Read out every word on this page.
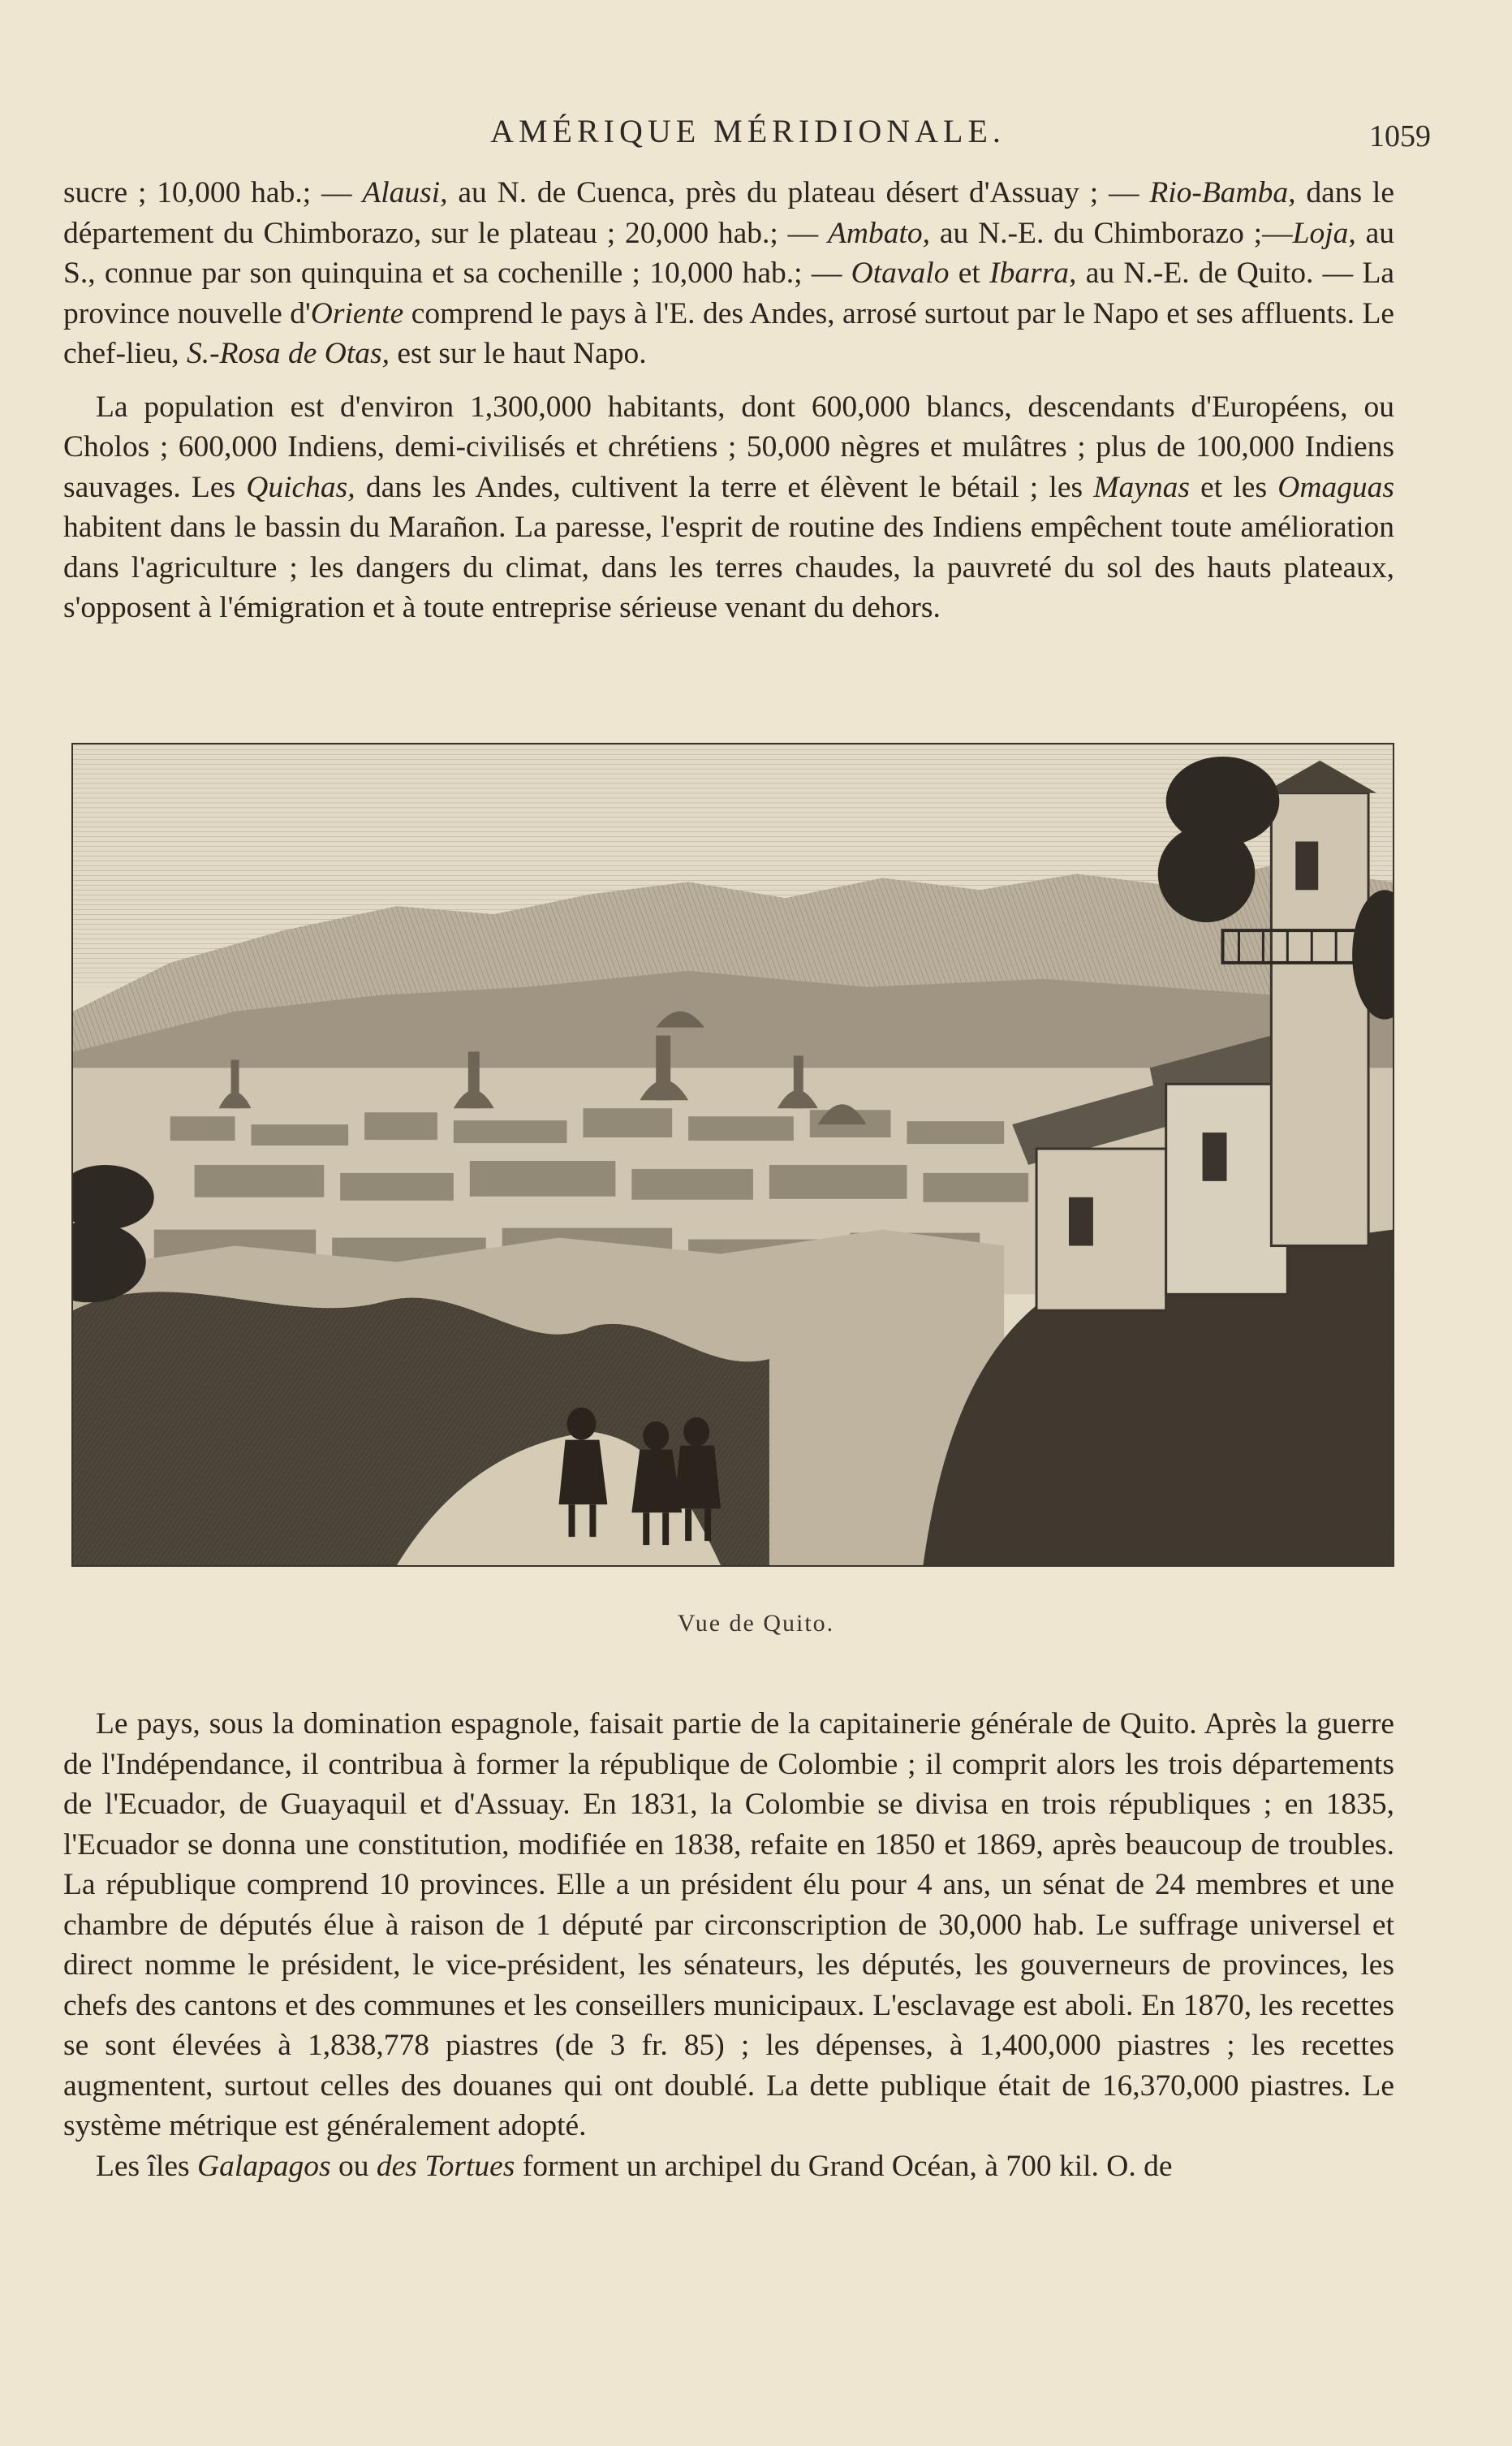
AMÉRIQUE MÉRIDIONALE.	1059

sucre ; 10,000 hab.; — Alausi, au N. de Cuenca, près du plateau désert d'Assuay ; — Rio-Bamba, dans le département du Chimborazo, sur le plateau ; 20,000 hab.; — Ambato, au N.-E. du Chimborazo ;—Loja, au S., connue par son quinquina et sa cochenille ; 10,000 hab.; — Otavalo et Ibarra, au N.-E. de Quito. — La province nouvelle d'Oriente comprend le pays à l'E. des Andes, arrosé surtout par le Napo et ses affluents. Le chef-lieu, S.-Rosa de Otas, est sur le haut Napo.

La population est d'environ 1,300,000 habitants, dont 600,000 blancs, descendants d'Européens, ou Cholos ; 600,000 Indiens, demi-civilisés et chrétiens ; 50,000 nègres et mulâtres ; plus de 100,000 Indiens sauvages. Les Quichas, dans les Andes, cultivent la terre et élèvent le bétail ; les Maynas et les Omaguas habitent dans le bassin du Marañon. La paresse, l'esprit de routine des Indiens empêchent toute amélioration dans l'agriculture ; les dangers du climat, dans les terres chaudes, la pauvreté du sol des hauts plateaux, s'opposent à l'émigration et à toute entreprise sérieuse venant du dehors.

Vue de Quito.

Le pays, sous la domination espagnole, faisait partie de la capitainerie générale de Quito. Après la guerre de l'Indépendance, il contribua à former la république de Colombie ; il comprit alors les trois départements de l'Ecuador, de Guayaquil et d'Assuay. En 1831, la Colombie se divisa en trois républiques ; en 1835, l'Ecuador se donna une constitution, modifiée en 1838, refaite en 1850 et 1869, après beaucoup de troubles. La république comprend 10 provinces. Elle a un président élu pour 4 ans, un sénat de 24 membres et une chambre de députés élue à raison de 1 député par circonscription de 30,000 hab. Le suffrage universel et direct nomme le président, le vice-président, les sénateurs, les députés, les gouverneurs de provinces, les chefs des cantons et des communes et les conseillers municipaux. L'esclavage est aboli. En 1870, les recettes se sont élevées à 1,838,778 piastres (de 3 fr. 85) ; les dépenses, à 1,400,000 piastres ; les recettes augmentent, surtout celles des douanes qui ont doublé. La dette publique était de 16,370,000 piastres. Le système métrique est généralement adopté.

Les îles Galapagos ou des Tortues forment un archipel du Grand Océan, à 700 kil. O. de
